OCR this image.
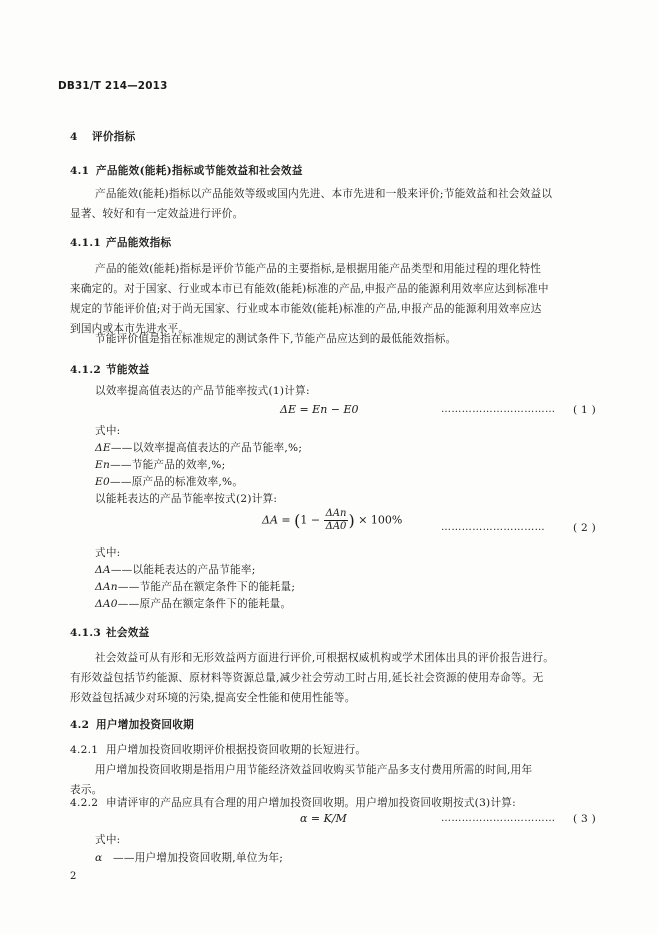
DB31/T 214—2013
4 评价指标
4.1 产品能效(能耗)指标或节能效益和社会效益
产品能效(能耗)指标以产品能效等级或国内先进、本市先进和一般来评价;节能效益和社会效益以
显著、较好和有一定效益进行评价。
4.1.1 产品能效指标
产品的能效(能耗)指标是评价节能产品的主要指标,是根据用能产品类型和用能过程的理化特性
来确定的。对于国家、行业或本市已有能效(能耗)标准的产品,申报产品的能源利用效率应达到标准中
规定的节能评价值;对于尚无国家、行业或本市能效(能耗)标准的产品,申报产品的能源利用效率应达
到国内或本市先进水平。
节能评价值是指在标准规定的测试条件下,节能产品应达到的最低能效指标。
4.1.2 节能效益
以效率提高值表达的产品节能率按式(1)计算:
ΔE = En − E0	…………………………… ( 1 )
式中:
ΔE——以效率提高值表达的产品节能率,%;
En——节能产品的效率,%;
E0——原产品的标准效率,%。
以能耗表达的产品节能率按式(2)计算:
$\Delta A = (1 - \frac{\text{ΔAn}}{\Delta A0}$ ) × 100%
…………………………	( 2 )
式中:
ΔA——以能耗表达的产品节能率;
ΔAn——节能产品在额定条件下的能耗量;
ΔA0——原产品在额定条件下的能耗量。
4.1.3 社会效益
社会效益可从有形和无形效益两方面进行评价,可根据权威机构或学术团体出具的评价报告进行。
有形效益包括节约能源、原材料等资源总量,减少社会劳动工时占用,延长社会资源的使用寿命等。无
形效益包括减少对环境的污染,提高安全性能和使用性能等。
4.2 用户增加投资回收期
4.2.1 用户增加投资回收期评价根据投资回收期的长短进行。
用户增加投资回收期是指用户用节能经济效益回收购买节能产品多支付费用所需的时间,用年
表示。
4.2.2 申请评审的产品应具有合理的用户增加投资回收期。用户增加投资回收期按式(3)计算:
α = K/M	…………………………… ( 3 )
式中:
α ——用户增加投资回收期,单位为年;
2
